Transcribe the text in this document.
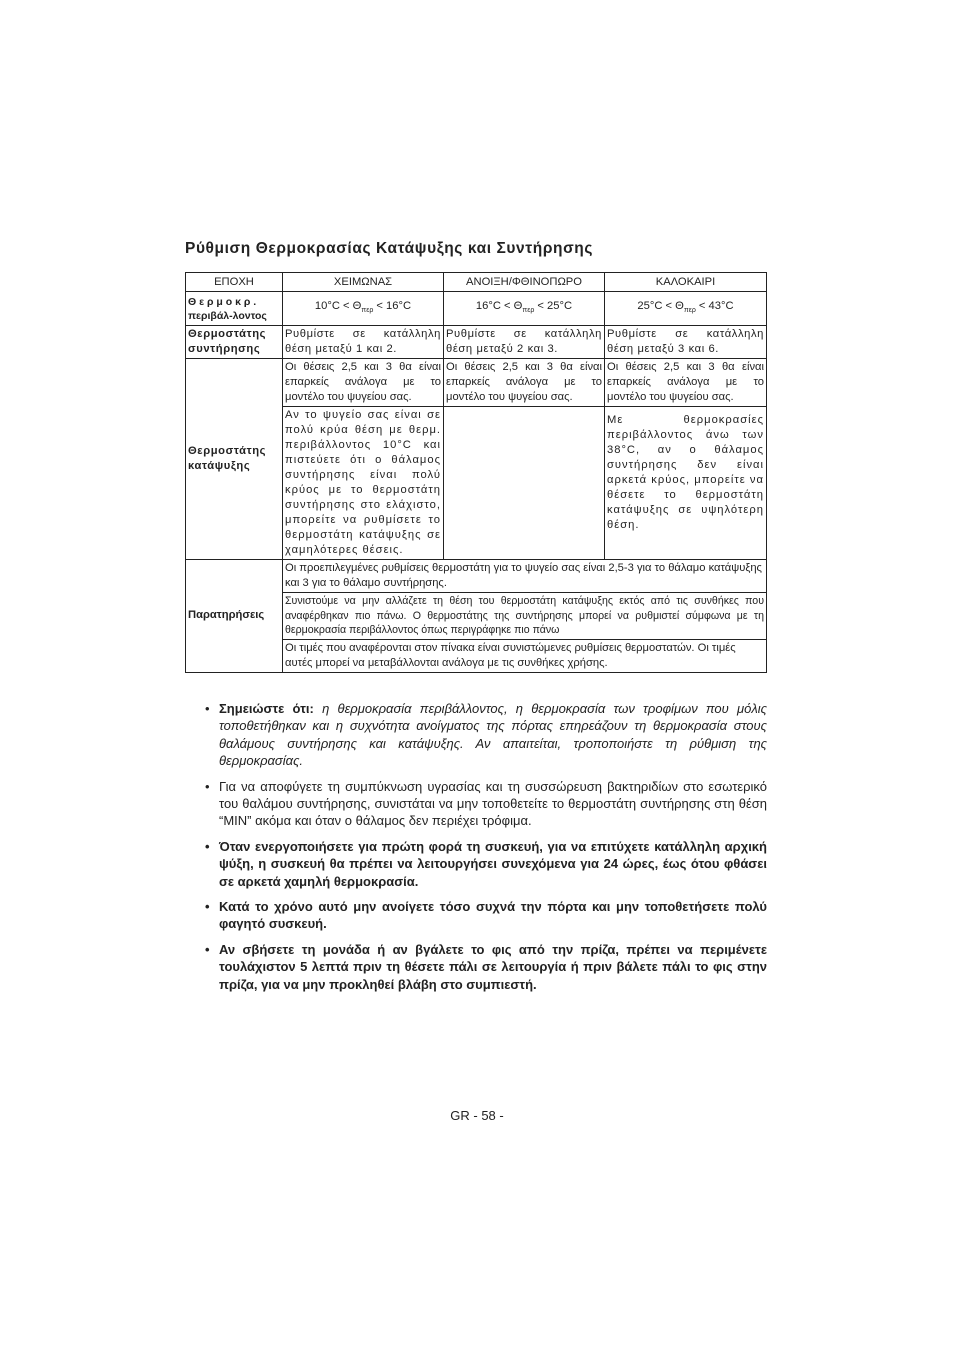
Ρύθμιση Θερμοκρασίας Κατάψυξης και Συντήρησης
ΕΠΟΧΗ	ΧΕΙΜΩΝΑΣ	ΑΝΟΙΞΗ/ΦΘΙΝΟΠΩΡΟ	ΚΑΛΟΚΑΙΡΙ
Θ ε ρ μ ο κ ρ . περιβάλ-λοντος	$10^\circ C < \Theta_{\pi\varepsilon\rho} < 16^\circ C$	$16^\circ C < \Theta_{\pi\varepsilon\rho} < 25^\circ C$	$25^\circ C < \Theta_{\pi\varepsilon\rho} < 43^\circ C$
Θερμοστάτης συντήρησης	Ρυθμίστε σε κατάλληλη θέση μεταξύ 1 και 2.	Ρυθμίστε σε κατάλληλη θέση μεταξύ 2 και 3.	Ρυθμίστε σε κατάλληλη θέση μεταξύ 3 και 6.
Θερμοστάτης κατάψυξης	Οι θέσεις 2,5 και 3 θα είναι επαρκείς ανάλογα με το μοντέλο του ψυγείου σας.	Οι θέσεις 2,5 και 3 θα είναι επαρκείς ανάλογα με το μοντέλο του ψυγείου σας.	Οι θέσεις 2,5 και 3 θα είναι επαρκείς ανάλογα με το μοντέλο του ψυγείου σας.
	Αν το ψυγείο σας είναι σε πολύ κρύα θέση με θερμ. περιβάλλοντος 10°C και πιστεύετε ότι ο θάλαμος συντήρησης είναι πολύ κρύος με το θερμοστάτη συντήρησης στο ελάχιστο, μπορείτε να ρυθμίσετε το θερμοστάτη κατάψυξης σε χαμηλότερες θέσεις.		Με θερμοκρασίες περιβάλλοντος άνω των 38°C, αν ο θάλαμος συντήρησης δεν είναι αρκετά κρύος, μπορείτε να θέσετε το θερμοστάτη κατάψυξης σε υψηλότερη θέση.
Παρατηρήσεις	Οι προεπιλεγμένες ρυθμίσεις θερμοστάτη για το ψυγείο σας είναι 2,5-3 για το θάλαμο κατάψυξης και 3 για το θάλαμο συντήρησης.		
	Συνιστούμε να μην αλλάζετε τη θέση του θερμοστάτη κατάψυξης εκτός από τις συνθήκες που αναφέρθηκαν πιο πάνω. Ο θερμοστάτης της συντήρησης μπορεί να ρυθμιστεί σύμφωνα με τη θερμοκρασία περιβάλλοντος όπως περιγράφηκε πιο πάνω		
	Οι τιμές που αναφέρονται στον πίνακα είναι συνιστώμενες ρυθμίσεις θερμοστατών. Οι τιμές αυτές μπορεί να μεταβάλλονται ανάλογα με τις συνθήκες χρήσης.		
• Σημειώστε ότι: η θερμοκρασία περιβάλλοντος, η θερμοκρασία των τροφίμων που μόλις τοποθετήθηκαν και η συχνότητα ανοίγματος της πόρτας επηρεάζουν τη θερμοκρασία στους θαλάμους συντήρησης και κατάψυξης. Αν απαιτείται, τροποποιήστε τη ρύθμιση της θερμοκρασίας.
• Για να αποφύγετε τη συμπύκνωση υγρασίας και τη συσσώρευση βακτηριδίων στο εσωτερικό του θαλάμου συντήρησης, συνιστάται να μην τοποθετείτε το θερμοστάτη συντήρησης στη θέση “MIN” ακόμα και όταν ο θάλαμος δεν περιέχει τρόφιμα.
• Όταν ενεργοποιήσετε για πρώτη φορά τη συσκευή, για να επιτύχετε κατάλληλη αρχική ψύξη, η συσκευή θα πρέπει να λειτουργήσει συνεχόμενα για 24 ώρες, έως ότου φθάσει σε αρκετά χαμηλή θερμοκρασία.
• Κατά το χρόνο αυτό μην ανοίγετε τόσο συχνά την πόρτα και μην τοποθετήσετε πολύ φαγητό συσκευή.
• Αν σβήσετε τη μονάδα ή αν βγάλετε το φις από την πρίζα, πρέπει να περιμένετε τουλάχιστον 5 λεπτά πριν τη θέσετε πάλι σε λειτουργία ή πριν βάλετε πάλι το φις στην πρίζα, για να μην προκληθεί βλάβη στο συμπιεστή.
GR - 58 -
